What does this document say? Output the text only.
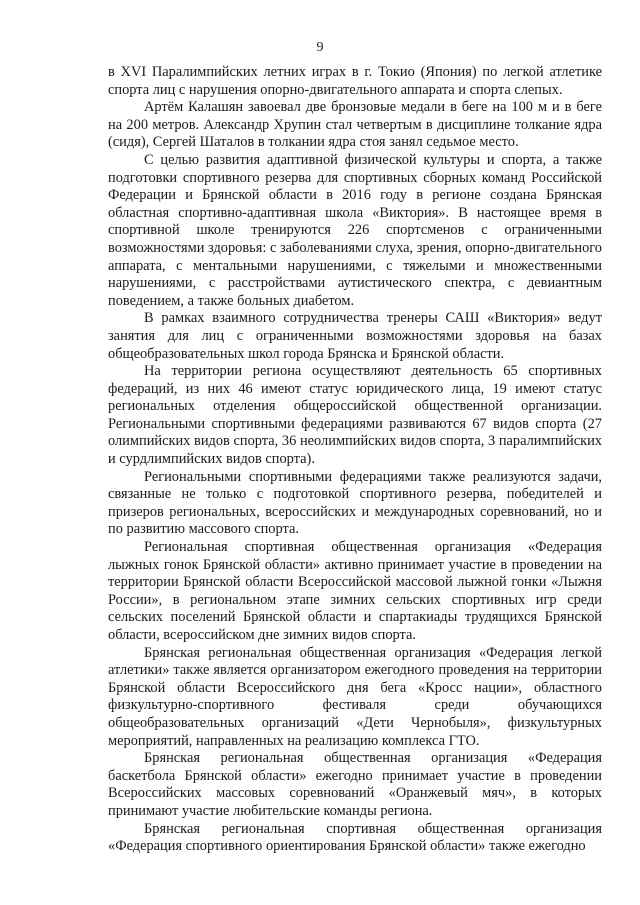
9

в XVI Паралимпийских летних играх в г. Токио (Япония) по легкой атлетике спорта лиц с нарушения опорно-двигательного аппарата и спорта слепых.

Артём Калашян завоевал две бронзовые медали в беге на 100 м и в беге на 200 метров. Александр Хрупин стал четвертым в дисциплине толкание ядра (сидя), Сергей Шаталов в толкании ядра стоя занял седьмое место.

С целью развития адаптивной физической культуры и спорта, а также подготовки спортивного резерва для спортивных сборных команд Российской Федерации и Брянской области в 2016 году в регионе создана Брянская областная спортивно-адаптивная школа «Виктория». В настоящее время в спортивной школе тренируются 226 спортсменов с ограниченными возможностями здоровья: с заболеваниями слуха, зрения, опорно-двигательного аппарата, с ментальными нарушениями, с тяжелыми и множественными нарушениями, с расстройствами аутистического спектра, с девиантным поведением, а также больных диабетом.

В рамках взаимного сотрудничества тренеры САШ «Виктория» ведут занятия для лиц с ограниченными возможностями здоровья на базах общеобразовательных школ города Брянска и Брянской области.

На территории региона осуществляют деятельность 65 спортивных федераций, из них 46 имеют статус юридического лица, 19 имеют статус региональных отделения общероссийской общественной организации. Региональными спортивными федерациями развиваются 67 видов спорта (27 олимпийских видов спорта, 36 неолимпийских видов спорта, 3 паралимпийских и сурдлимпийских видов спорта).

Региональными спортивными федерациями также реализуются задачи, связанные не только с подготовкой спортивного резерва, победителей и призеров региональных, всероссийских и международных соревнований, но и по развитию массового спорта.

Региональная спортивная общественная организация «Федерация лыжных гонок Брянской области» активно принимает участие в проведении на территории Брянской области Всероссийской массовой лыжной гонки «Лыжня России», в региональном этапе зимних сельских спортивных игр среди сельских поселений Брянской области и спартакиады трудящихся Брянской области, всероссийском дне зимних видов спорта.

Брянская региональная общественная организация «Федерация легкой атлетики» также является организатором ежегодного проведения на территории Брянской области Всероссийского дня бега «Кросс нации», областного физкультурно-спортивного фестиваля среди обучающихся общеобразовательных организаций «Дети Чернобыля», физкультурных мероприятий, направленных на реализацию комплекса ГТО.

Брянская региональная общественная организация «Федерация баскетбола Брянской области» ежегодно принимает участие в проведении Всероссийских массовых соревнований «Оранжевый мяч», в которых принимают участие любительские команды региона.

Брянская региональная спортивная общественная организация «Федерация спортивного ориентирования Брянской области» также ежегодно
